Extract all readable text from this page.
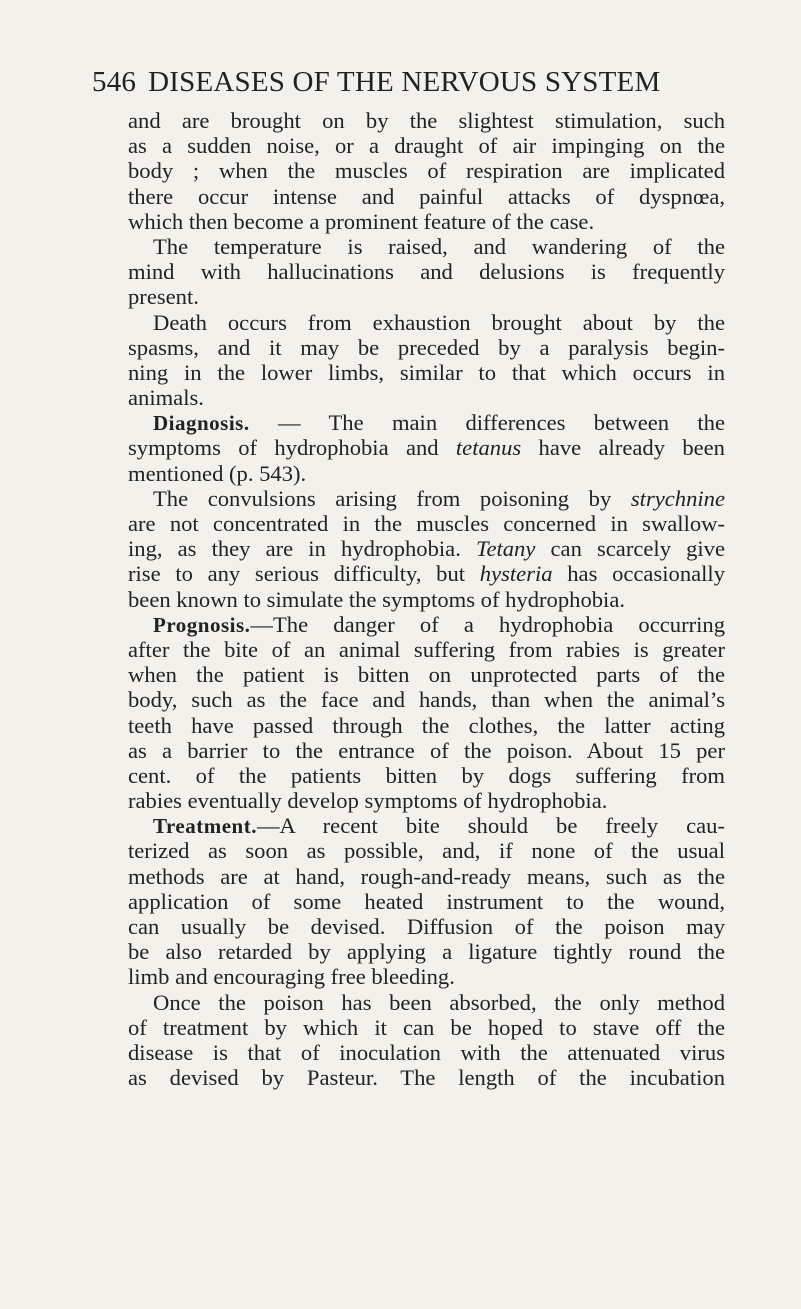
546 DISEASES OF THE NERVOUS SYSTEM
and are brought on by the slightest stimulation, such
as a sudden noise, or a draught of air impinging on the
body ; when the muscles of respiration are implicated
there occur intense and painful attacks of dyspnœa,
which then become a prominent feature of the case.
The temperature is raised, and wandering of the
mind with hallucinations and delusions is frequently
present.
Death occurs from exhaustion brought about by the
spasms, and it may be preceded by a paralysis begin-
ning in the lower limbs, similar to that which occurs in
animals.
Diagnosis. — The main differences between the
symptoms of hydrophobia and tetanus have already been
mentioned (p. 543).
The convulsions arising from poisoning by strychnine
are not concentrated in the muscles concerned in swallow-
ing, as they are in hydrophobia. Tetany can scarcely give
rise to any serious difficulty, but hysteria has occasionally
been known to simulate the symptoms of hydrophobia.
Prognosis.—The danger of a hydrophobia occurring
after the bite of an animal suffering from rabies is greater
when the patient is bitten on unprotected parts of the
body, such as the face and hands, than when the animal’s
teeth have passed through the clothes, the latter acting
as a barrier to the entrance of the poison. About 15 per
cent. of the patients bitten by dogs suffering from
rabies eventually develop symptoms of hydrophobia.
Treatment.—A recent bite should be freely cau-
terized as soon as possible, and, if none of the usual
methods are at hand, rough-and-ready means, such as the
application of some heated instrument to the wound,
can usually be devised. Diffusion of the poison may
be also retarded by applying a ligature tightly round the
limb and encouraging free bleeding.
Once the poison has been absorbed, the only method
of treatment by which it can be hoped to stave off the
disease is that of inoculation with the attenuated virus
as devised by Pasteur. The length of the incubation
